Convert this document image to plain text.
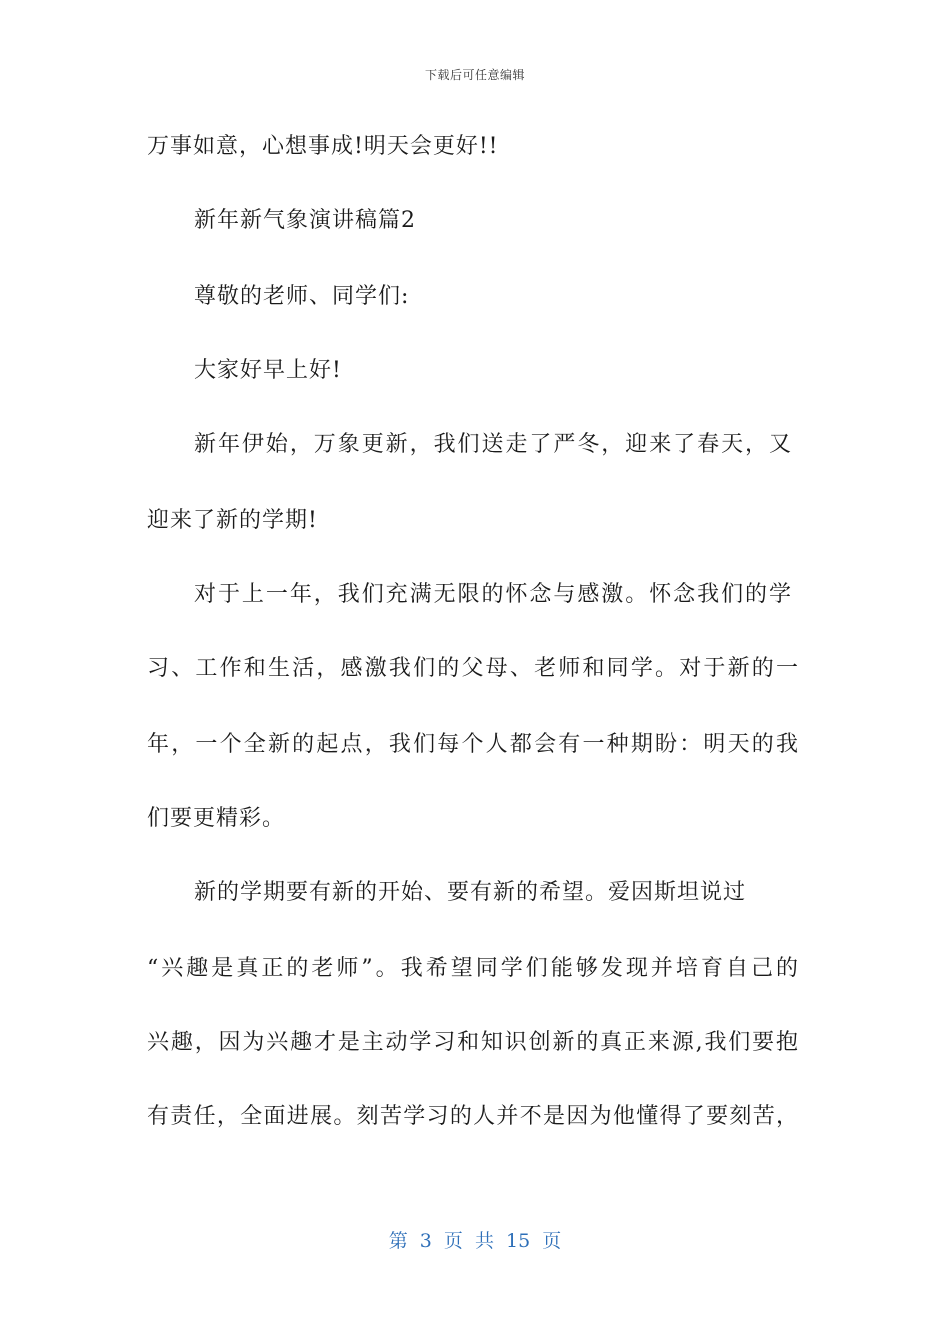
下载后可任意编辑
万事如意，心想事成!明天会更好!!
新年新气象演讲稿篇2
尊敬的老师、同学们:
大家好早上好!
新年伊始，万象更新，我们送走了严冬，迎来了春天，又
迎来了新的学期!
对于上一年，我们充满无限的怀念与感激。怀念我们的学
习、工作和生活，感激我们的父母、老师和同学。对于新的一
年，一个全新的起点，我们每个人都会有一种期盼：明天的我
们要更精彩。
新的学期要有新的开始、要有新的希望。爱因斯坦说过
“兴趣是真正的老师”。我希望同学们能够发现并培育自己的
兴趣，因为兴趣才是主动学习和知识创新的真正来源,我们要抱
有责任，全面进展。刻苦学习的人并不是因为他懂得了要刻苦，
第 3 页 共 15 页
